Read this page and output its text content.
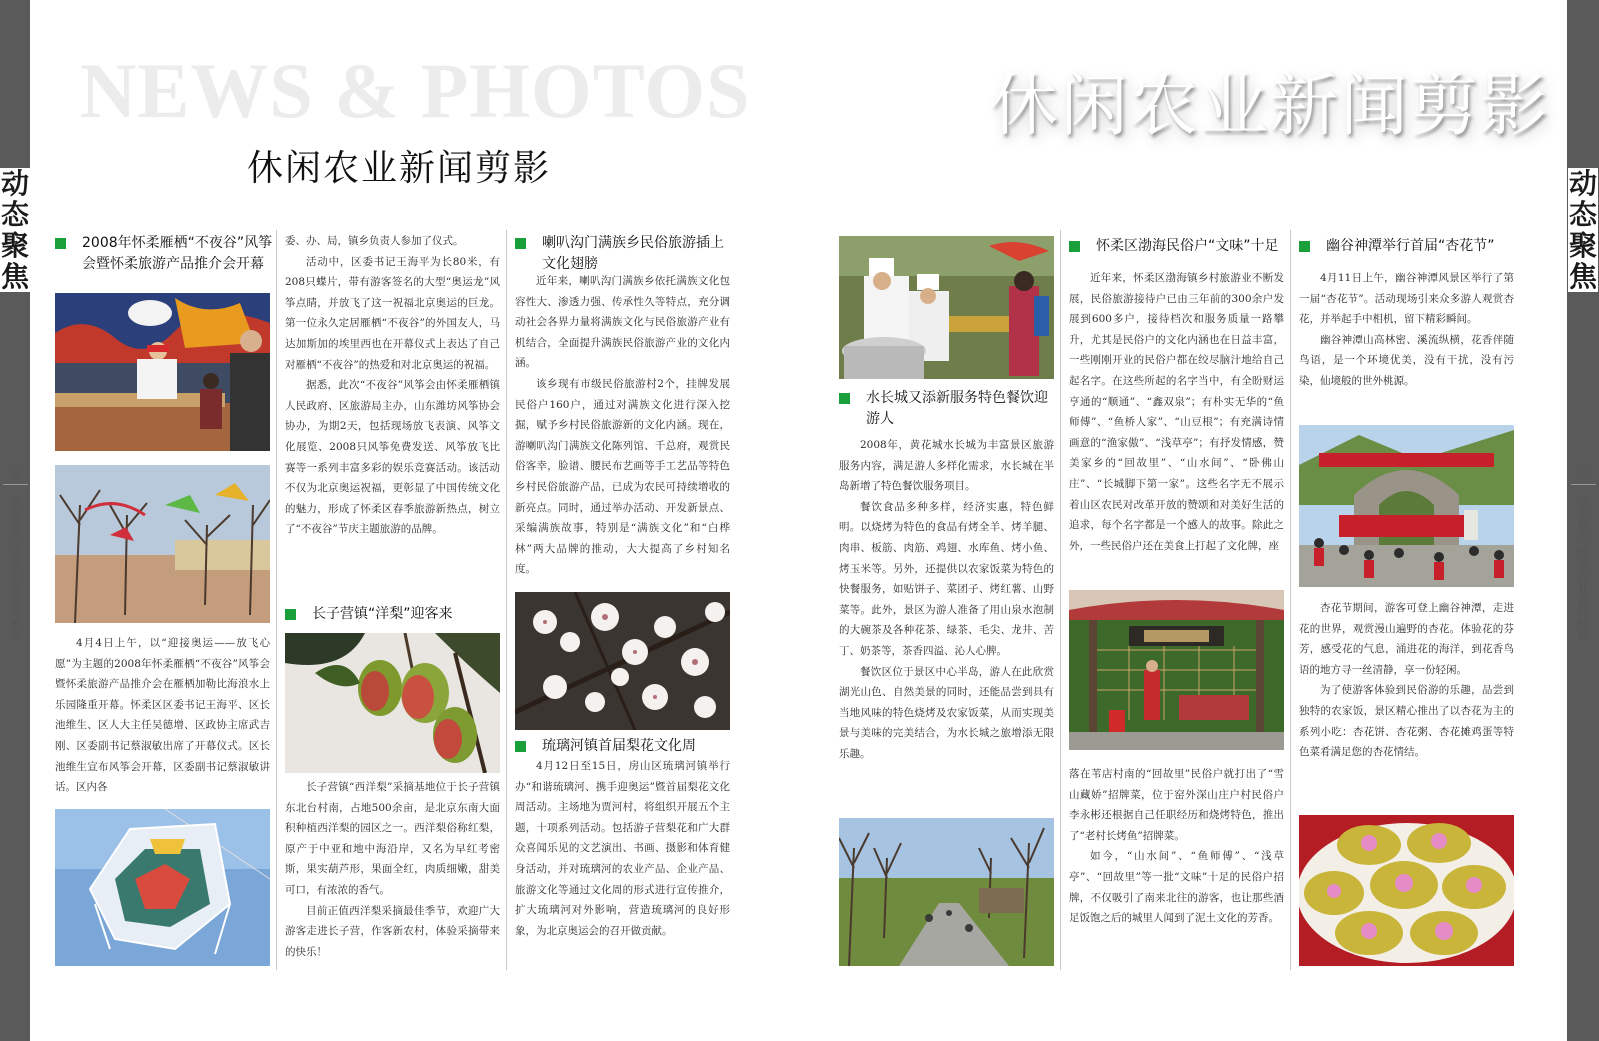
动态聚焦
动态聚焦
06
动态聚焦·休闲农业新闻剪影
07
动态聚焦·休闲农业新闻剪影
NEWS & PHOTOS	休闲农业新闻剪影
休闲农业新闻剪影
2008年怀柔雁栖“不夜谷”风筝会暨怀柔旅游产品推介会开幕

4月4日上午，以“迎接奥运——放飞心愿”为主题的2008年怀柔雁栖“不夜谷”风筝会暨怀柔旅游产品推介会在雁栖加勒比海浪水上乐园隆重开幕。怀柔区区委书记王海平、区长池维生、区人大主任吴德增、区政协主席武吉刚、区委副书记蔡淑敏出席了开幕仪式。区长池维生宣布风筝会开幕，区委副书记蔡淑敏讲话。区内各

委、办、局，镇乡负责人参加了仪式。

活动中，区委书记王海平为长80米，有208只蝶片，带有游客签名的大型“奥运龙”风筝点睛，并放飞了这一祝福北京奥运的巨龙。第一位永久定居雁栖“不夜谷”的外国友人，马达加斯加的埃里西也在开幕仪式上表达了自己对雁栖“不夜谷”的热爱和对北京奥运的祝福。

据悉，此次“不夜谷”风筝会由怀柔雁栖镇人民政府、区旅游局主办，山东潍坊风筝协会协办，为期2天，包括现场放飞表演、风筝文化展览、2008只风筝免费发送、风筝放飞比赛等一系列丰富多彩的娱乐竞赛活动。该活动不仅为北京奥运祝福，更彰显了中国传统文化的魅力，形成了怀柔区春季旅游新热点，树立了“不夜谷”节庆主题旅游的品牌。

长子营镇“洋梨”迎客来

长子营镇“西洋梨”采摘基地位于长子营镇东北台村南，占地500余亩，是北京东南大面积种植西洋梨的园区之一。西洋梨俗称红梨，原产于中亚和地中海沿岸，又名为早红考密斯，果实葫芦形，果面全红，肉质细嫩，甜美可口，有浓浓的香气。

目前正值西洋梨采摘最佳季节，欢迎广大游客走进长子营，作客新农村，体验采摘带来的快乐！

喇叭沟门满族乡民俗旅游插上文化翅膀

近年来，喇叭沟门满族乡依托满族文化包容性大、渗透力强、传承性久等特点，充分调动社会各界力量将满族文化与民俗旅游产业有机结合，全面提升满族民俗旅游产业的文化内涵。

该乡现有市级民俗旅游村2个，挂牌发展民俗户160户，通过对满族文化进行深入挖掘，赋予乡村民俗旅游新的文化内涵。现在，游喇叭沟门满族文化陈列馆、千总府，观赏民俗客幸，脸谱、腰民布艺画等手工艺品等特色乡村民俗旅游产品，已成为农民可持续增收的新亮点。同时，通过举办活动、开发新景点、采编满族故事，特别是“满族文化”和“白桦林”两大品牌的推动，大大提高了乡村知名度。

琉璃河镇首届梨花文化周

4月12日至15日，房山区琉璃河镇举行办“和谐琉璃河、携手迎奥运”暨首届梨花文化周活动。主场地为贾河村，将组织开展五个主题，十项系列活动。包括游子营梨花和广大群众喜闻乐见的文艺演出、书画、摄影和体育健身活动，并对琉璃河的农业产品、企业产品、旅游文化等通过文化周的形式进行宣传推介，扩大琉璃河对外影响，营造琉璃河的良好形象，为北京奥运会的召开做贡献。

水长城又添新服务特色餐饮迎游人

2008年，黄花城水长城为丰富景区旅游服务内容，满足游人多样化需求，水长城在半岛新增了特色餐饮服务项目。

餐饮食品多种多样，经济实惠，特色鲜明。以烧烤为特色的食品有烤全羊、烤羊腿、肉串、板筋、肉筋、鸡翅、水库鱼、烤小鱼、烤玉米等。另外，还提供以农家饭菜为特色的快餐服务，如贴饼子、菜团子、烤红薯、山野菜等。此外，景区为游人准备了用山泉水泡制的大碗茶及各种花茶、绿茶、毛尖、龙井、苦丁、奶茶等，茶香四溢、沁人心脾。

餐饮区位于景区中心半岛，游人在此欣赏湖光山色、自然美景的同时，还能品尝到具有当地风味的特色烧烤及农家饭菜，从而实现美景与美味的完美结合，为水长城之旅增添无限乐趣。

怀柔区渤海民俗户“文味”十足

近年来，怀柔区渤海镇乡村旅游业不断发展，民俗旅游接待户已由三年前的300余户发展到600多户，接待档次和服务质量一路攀升，尤其是民俗户的文化内涵也在日益丰富，一些刚刚开业的民俗户都在绞尽脑汁地给自己起名字。在这些所起的名字当中，有全盼财运亨通的“顺通”、“鑫双泉”；有朴实无华的“鱼师傅”、“鱼桥人家”、“山豆根”；有充满诗情画意的“渔家傲”、“浅草亭”；有抒发情感，赞美家乡的“回故里”、“山水间”、“卧佛山庄”、“长城脚下第一家”。这些名字无不展示着山区农民对改革开放的赞颂和对美好生活的追求，每个名字都是一个感人的故事。除此之外，一些民俗户还在美食上打起了文化牌，座

落在苇店村南的“回故里”民俗户就打出了“雪山藏娇”招牌菜，位于窑外深山庄户村民俗户李永彬还根据自己任职经历和烧烤特色，推出了“老村长烤鱼”招牌菜。

如今，“山水间”、“鱼师傅”、“浅草亭”、“回故里”等一批“文味”十足的民俗户招牌，不仅吸引了南来北往的游客，也让那些酒足饭饱之后的城里人闻到了泥土文化的芳香。

幽谷神潭举行首届“杏花节”

4月11日上午，幽谷神潭风景区举行了第一届“杏花节”。活动现场引来众多游人观赏杏花，并举起手中相机，留下精彩瞬间。

幽谷神潭山高林密、溪流纵横，花香伴随鸟语，是一个环境优美，没有干扰，没有污染，仙境般的世外桃源。

杏花节期间，游客可登上幽谷神潭，走进花的世界，观赏漫山遍野的杏花。体验花的芬芳，感受花的气息，涌进花的海洋，到花香鸟语的地方寻一丝清静，享一份轻闲。

为了使游客体验到民俗游的乐趣，品尝到独特的农家饭，景区精心推出了以杏花为主的系列小吃：杏花饼、杏花粥、杏花摊鸡蛋等特色菜肴满足您的杏花情结。
